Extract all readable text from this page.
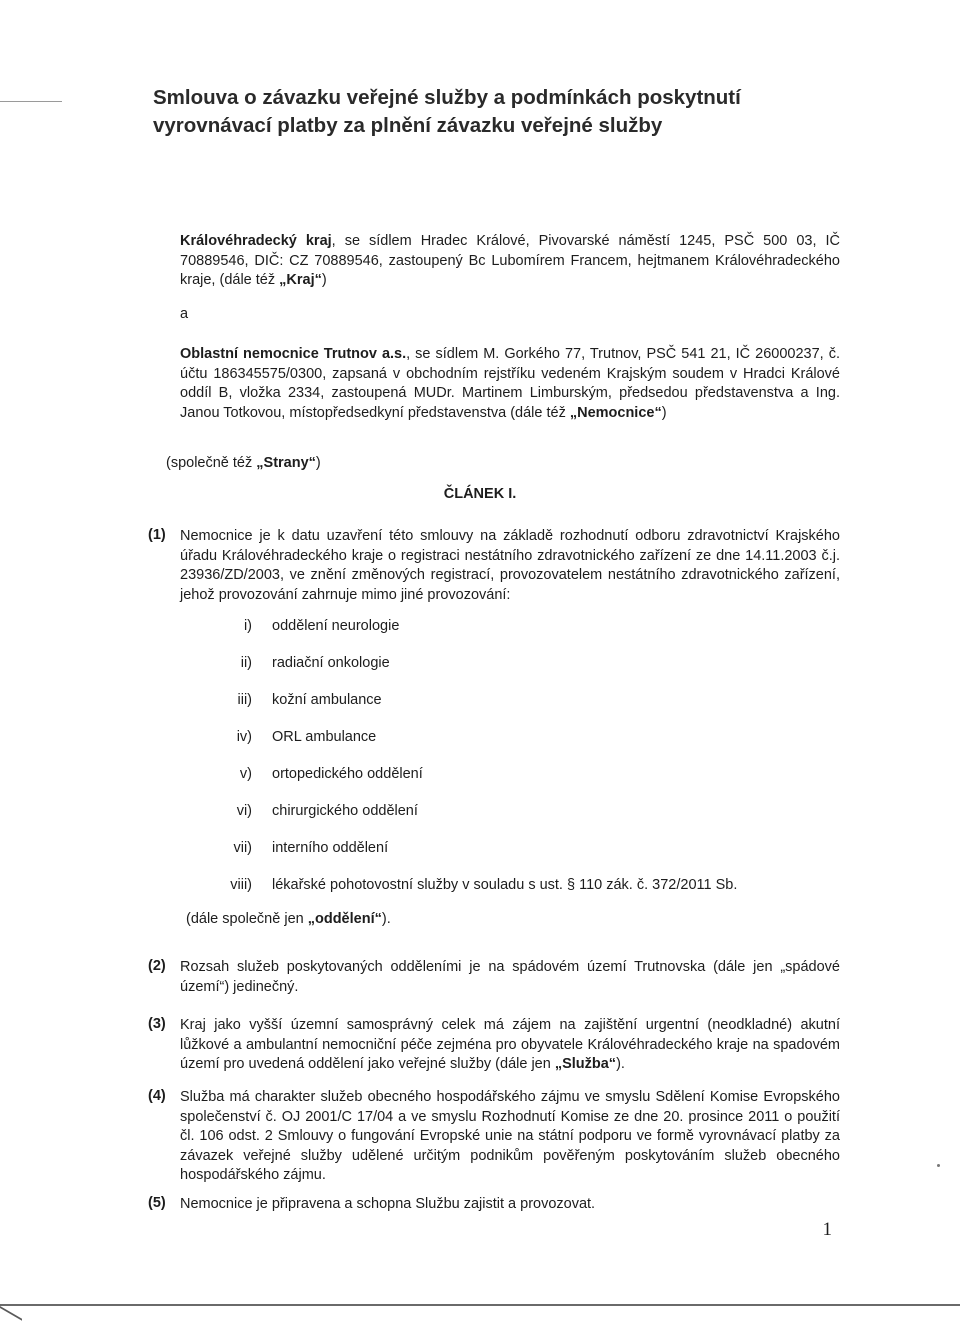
Smlouva o závazku veřejné služby a podmínkách poskytnutí
vyrovnávací platby za plnění závazku veřejné služby
Královéhradecký kraj, se sídlem Hradec Králové, Pivovarské náměstí 1245, PSČ 500 03, IČ 70889546, DIČ: CZ 70889546, zastoupený Bc Lubomírem Francem, hejtmanem Královéhradeckého kraje, (dále též „Kraj“)
a
Oblastní nemocnice Trutnov a.s., se sídlem M. Gorkého 77, Trutnov, PSČ 541 21, IČ 26000237, č. účtu 186345575/0300, zapsaná v obchodním rejstříku vedeném Krajským soudem v Hradci Králové oddíl B, vložka 2334, zastoupená MUDr. Martinem Limburským, předsedou představenstva a Ing. Janou Totkovou, místopředsedkyní představenstva (dále též „Nemocnice“)
(společně též „Strany“)
ČLÁNEK I.
(1) Nemocnice je k datu uzavření této smlouvy na základě rozhodnutí odboru zdravotnictví Krajského úřadu Královéhradeckého kraje o registraci nestátního zdravotnického zařízení ze dne 14.11.2003 č.j. 23936/ZD/2003, ve znění změnových registrací, provozovatelem nestátního zdravotnického zařízení, jehož provozování zahrnuje mimo jiné provozování:
i) oddělení neurologie
ii) radiační onkologie
iii) kožní ambulance
iv) ORL ambulance
v) ortopedického oddělení
vi) chirurgického oddělení
vii) interního oddělení
viii) lékařské pohotovostní služby v souladu s ust. § 110 zák. č. 372/2011 Sb.
(dále společně jen „oddělení“).
(2) Rozsah služeb poskytovaných odděleními je na spádovém území Trutnovska (dále jen „spádové území“) jedinečný.
(3) Kraj jako vyšší územní samosprávný celek má zájem na zajištění urgentní (neodkladné) akutní lůžkové a ambulantní nemocniční péče zejména pro obyvatele Královéhradeckého kraje na spadovém území pro uvedená oddělení jako veřejné služby (dále jen „Služba“).
(4) Služba má charakter služeb obecného hospodářského zájmu ve smyslu Sdělení Komise Evropského společenství č. OJ 2001/C 17/04 a ve smyslu Rozhodnutí Komise ze dne 20. prosince 2011 o použití čl. 106 odst. 2 Smlouvy o fungování Evropské unie na státní podporu ve formě vyrovnávací platby za závazek veřejné služby udělené určitým podnikům pověřeným poskytováním služeb obecného hospodářského zájmu.
(5) Nemocnice je připravena a schopna Službu zajistit a provozovat.
1
